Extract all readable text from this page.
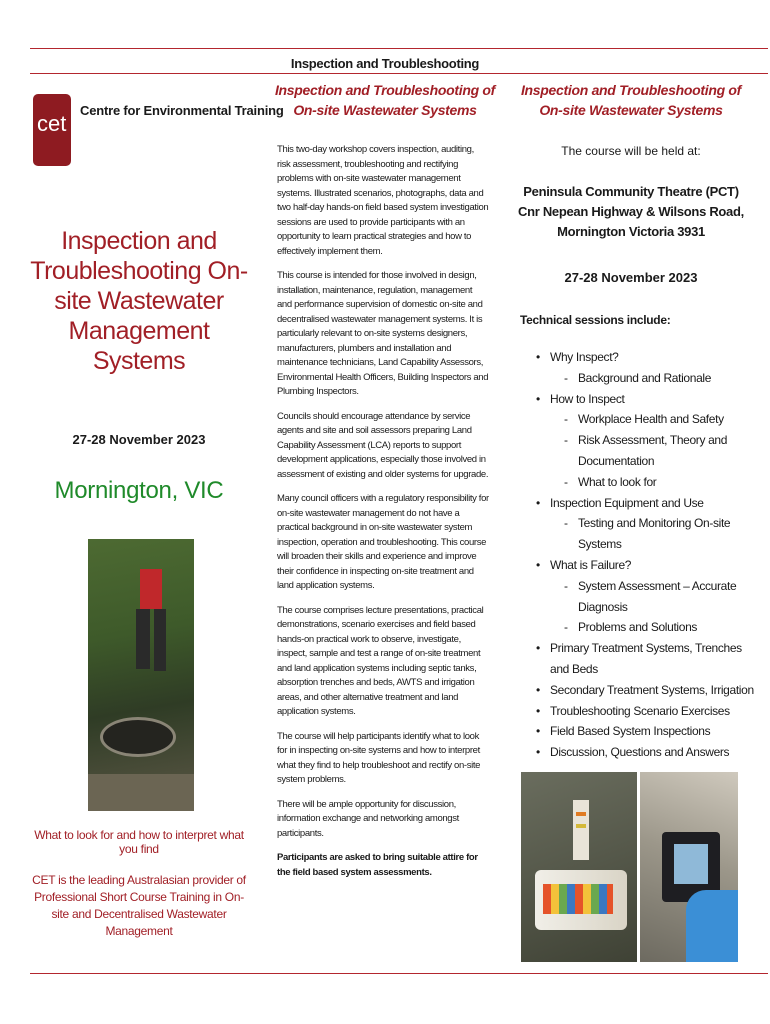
cet
Centre for Environmental Training
Inspection and Troubleshooting On-site Wastewater Management Systems
27-28 November 2023
Mornington, VIC
What to look for and how to interpret what you find
CET is the leading Australasian provider of Professional Short Course Training in On-site and Decentralised Wastewater Management
Inspection and Troubleshooting
Inspection and Troubleshooting of
On-site Wastewater Systems

This two-day workshop covers inspection, auditing, risk assessment, troubleshooting and rectifying problems with on-site wastewater management systems. Illustrated scenarios, photographs, data and two half-day hands-on field based system investigation sessions are used to provide participants with an opportunity to learn practical strategies and how to effectively implement them.

This course is intended for those involved in design, installation, maintenance, regulation, management and performance supervision of domestic on-site and decentralised wastewater management systems. It is particularly relevant to on-site systems designers, manufacturers, plumbers and installation and maintenance technicians, Land Capability Assessors, Environmental Health Officers, Building Inspectors and Plumbing Inspectors.

Councils should encourage attendance by service agents and site and soil assessors preparing Land Capability Assessment (LCA) reports to support development applications, especially those involved in assessment of existing and older systems for upgrade.

Many council officers with a regulatory responsibility for on-site wastewater management do not have a practical background in on-site wastewater system inspection, operation and troubleshooting. This course will broaden their skills and experience and improve their confidence in inspecting on-site treatment and land application systems.

The course comprises lecture presentations, practical demonstrations, scenario exercises and field based hands-on practical work to observe, investigate, inspect, sample and test a range of on-site treatment and land application systems including septic tanks, absorption trenches and beds, AWTS and irrigation areas, and other alternative treatment and land application systems.

The course will help participants identify what to look for in inspecting on-site systems and how to interpret what they find to help troubleshoot and rectify on-site system problems.

There will be ample opportunity for discussion, information exchange and networking amongst participants.

Participants are asked to bring suitable attire for the field based system assessments.

Inspection and Troubleshooting of
On-site Wastewater Systems
The course will be held at:
Peninsula Community Theatre (PCT)
Cnr Nepean Highway & Wilsons Road,
Mornington Victoria 3931
27-28 November 2023
Technical sessions include:
• Why Inspect?
- Background and Rationale
• How to Inspect
- Workplace Health and Safety
- Risk Assessment, Theory and Documentation
- What to look for
• Inspection Equipment and Use
- Testing and Monitoring On-site Systems
• What is Failure?
- System Assessment – Accurate Diagnosis
- Problems and Solutions
• Primary Treatment Systems, Trenches and Beds
• Secondary Treatment Systems, Irrigation
• Troubleshooting Scenario Exercises
• Field Based System Inspections
• Discussion, Questions and Answers
